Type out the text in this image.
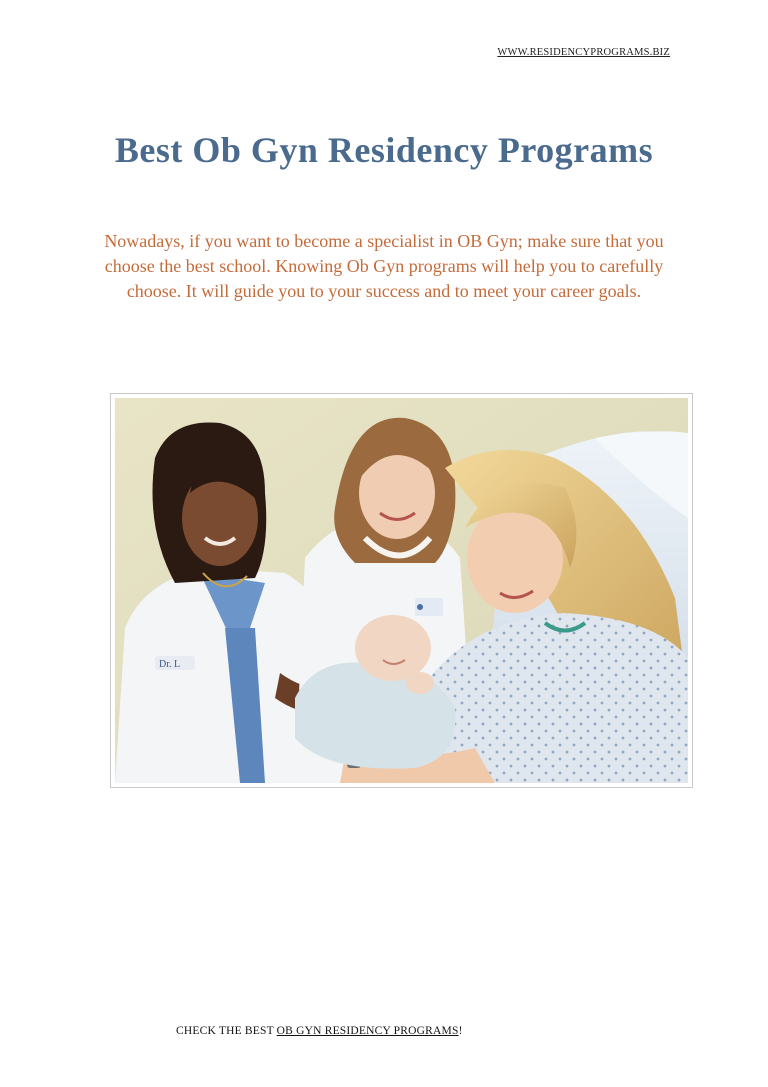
WWW.RESIDENCYPROGRAMS.BIZ
Best Ob Gyn Residency Programs

Nowadays, if you want to become a specialist in OB Gyn; make sure that you choose the best school. Knowing Ob Gyn programs will help you to carefully choose. It will guide you to your success and to meet your career goals.

Dr. L
CHECK THE BEST OB GYN RESIDENCY PROGRAMS!
